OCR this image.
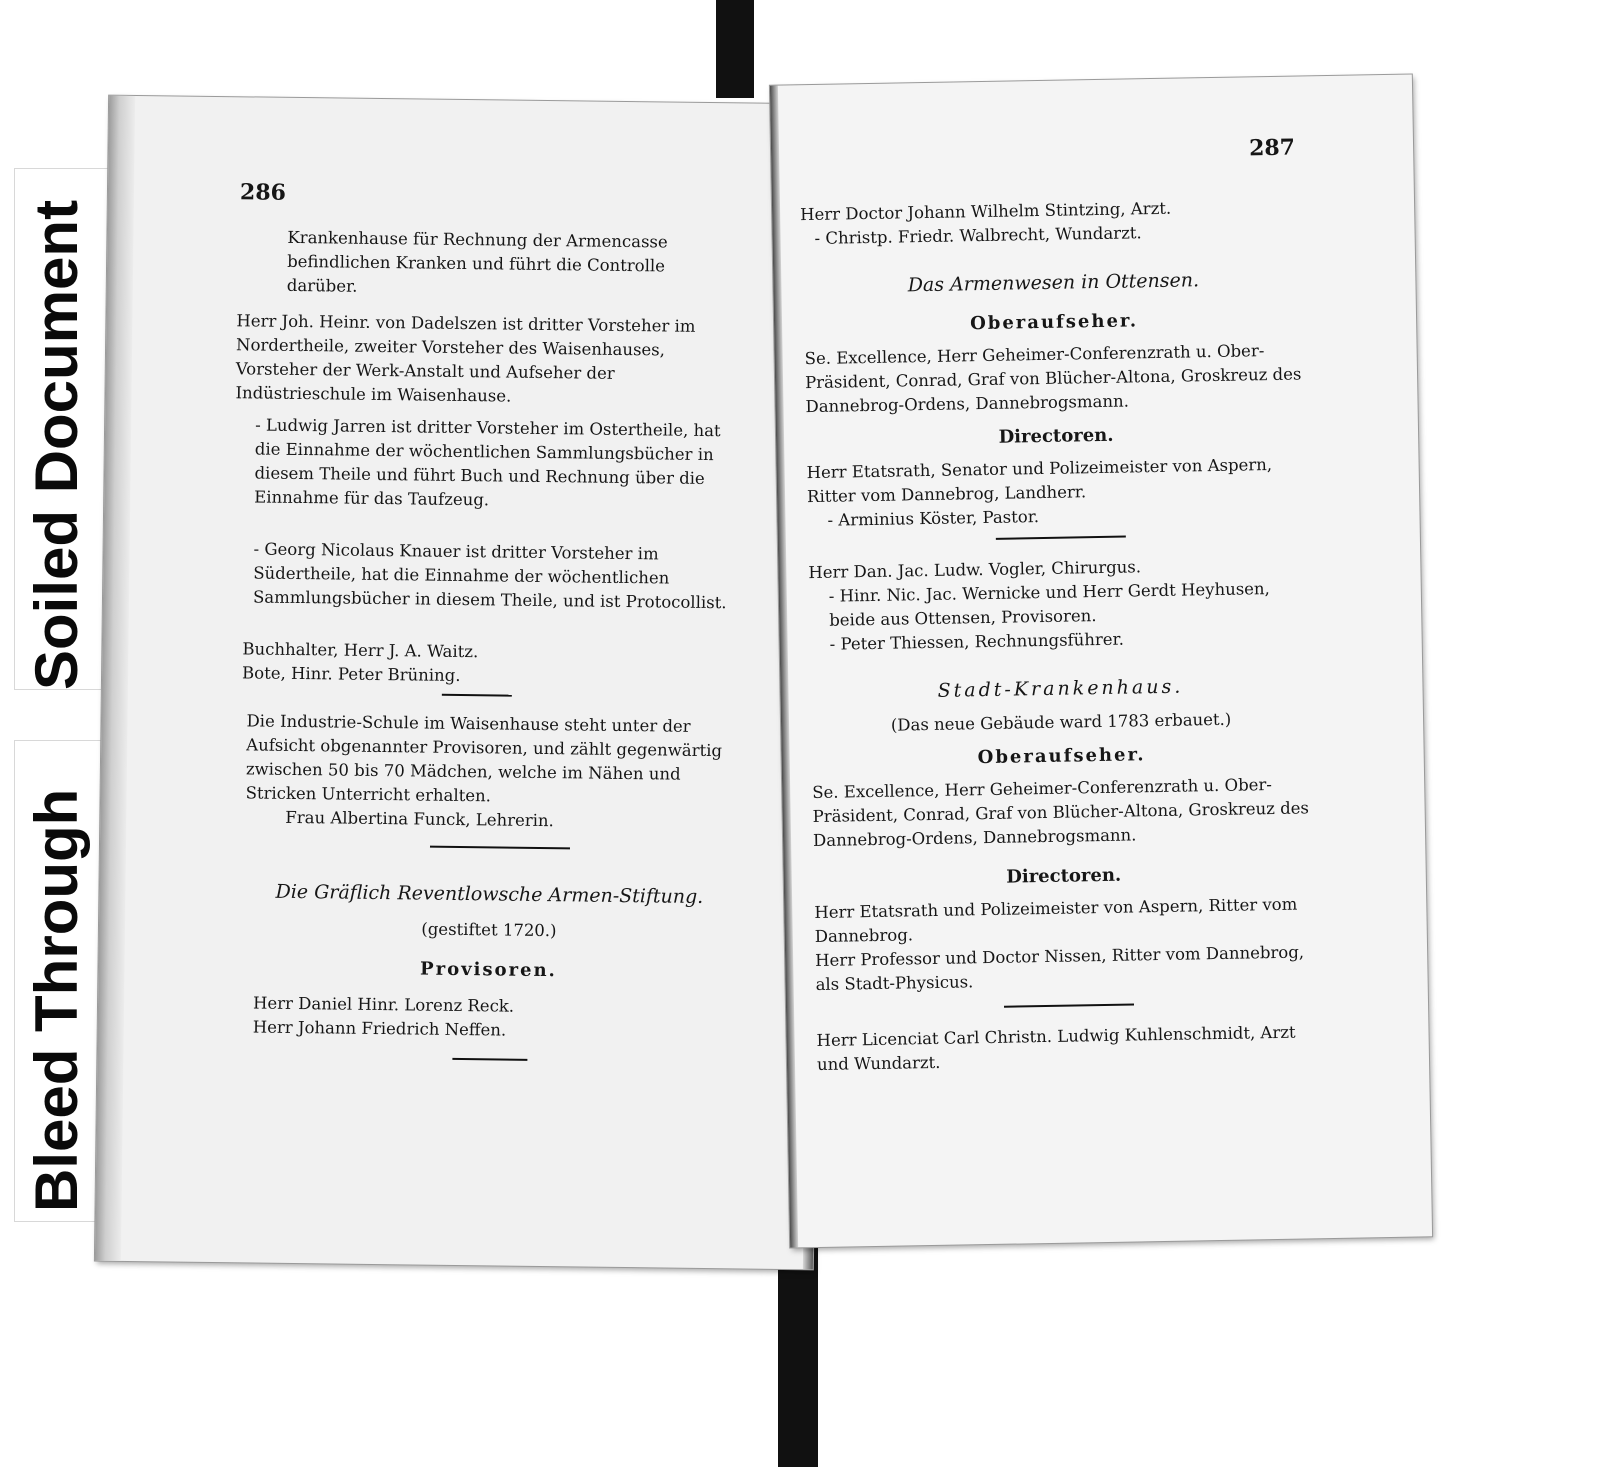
Soiled Document
Bleed Through
286

Krankenhause für Rechnung der Armencasse befindlichen Kranken und führt die Controlle darüber.

Herr Joh. Heinr. von Dadelszen ist dritter Vorsteher im Nordertheile, zweiter Vorsteher des Waisenhauses, Vorsteher der Werk-Anstalt und Aufseher der Indüstrieschule im Waisenhause.

- Ludwig Jarren ist dritter Vorsteher im Ostertheile, hat die Einnahme der wöchentlichen Sammlungsbücher in diesem Theile und führt Buch und Rechnung über die Einnahme für das Taufzeug.

- Georg Nicolaus Knauer ist dritter Vorsteher im Südertheile, hat die Einnahme der wöchentlichen Sammlungsbücher in diesem Theile, und ist Protocollist.

Buchhalter, Herr J. A. Waitz.

Bote, Hinr. Peter Brüning.

Die Industrie-Schule im Waisenhause steht unter der Aufsicht obgenannter Provisoren, und zählt gegenwärtig zwischen 50 bis 70 Mädchen, welche im Nähen und Stricken Unterricht erhalten.

Frau Albertina Funck, Lehrerin.

Die Gräflich Reventlowsche Armen-Stiftung.
(gestiftet 1720.)
Provisoren.

Herr Daniel Hinr. Lorenz Reck.

Herr Johann Friedrich Neffen.

287

Herr Doctor Johann Wilhelm Stintzing, Arzt.

- Christp. Friedr. Walbrecht, Wundarzt.

Das Armenwesen in Ottensen.
Oberaufseher.

Se. Excellence, Herr Geheimer-Conferenzrath u. Ober-Präsident, Conrad, Graf von Blücher-Altona, Groskreuz des Dannebrog-Ordens, Dannebrogsmann.

Directoren.

Herr Etatsrath, Senator und Polizeimeister von Aspern, Ritter vom Dannebrog, Landherr.

- Arminius Köster, Pastor.

Herr Dan. Jac. Ludw. Vogler, Chirurgus.

- Hinr. Nic. Jac. Wernicke und Herr Gerdt Heyhusen, beide aus Ottensen, Provisoren.

- Peter Thiessen, Rechnungsführer.

Stadt-Krankenhaus.
(Das neue Gebäude ward 1783 erbauet.)
Oberaufseher.

Se. Excellence, Herr Geheimer-Conferenzrath u. Ober-Präsident, Conrad, Graf von Blücher-Altona, Groskreuz des Dannebrog-Ordens, Dannebrogsmann.

Directoren.

Herr Etatsrath und Polizeimeister von Aspern, Ritter vom Dannebrog.

Herr Professor und Doctor Nissen, Ritter vom Dannebrog, als Stadt-Physicus.

Herr Licenciat Carl Christn. Ludwig Kuhlenschmidt, Arzt und Wundarzt.
